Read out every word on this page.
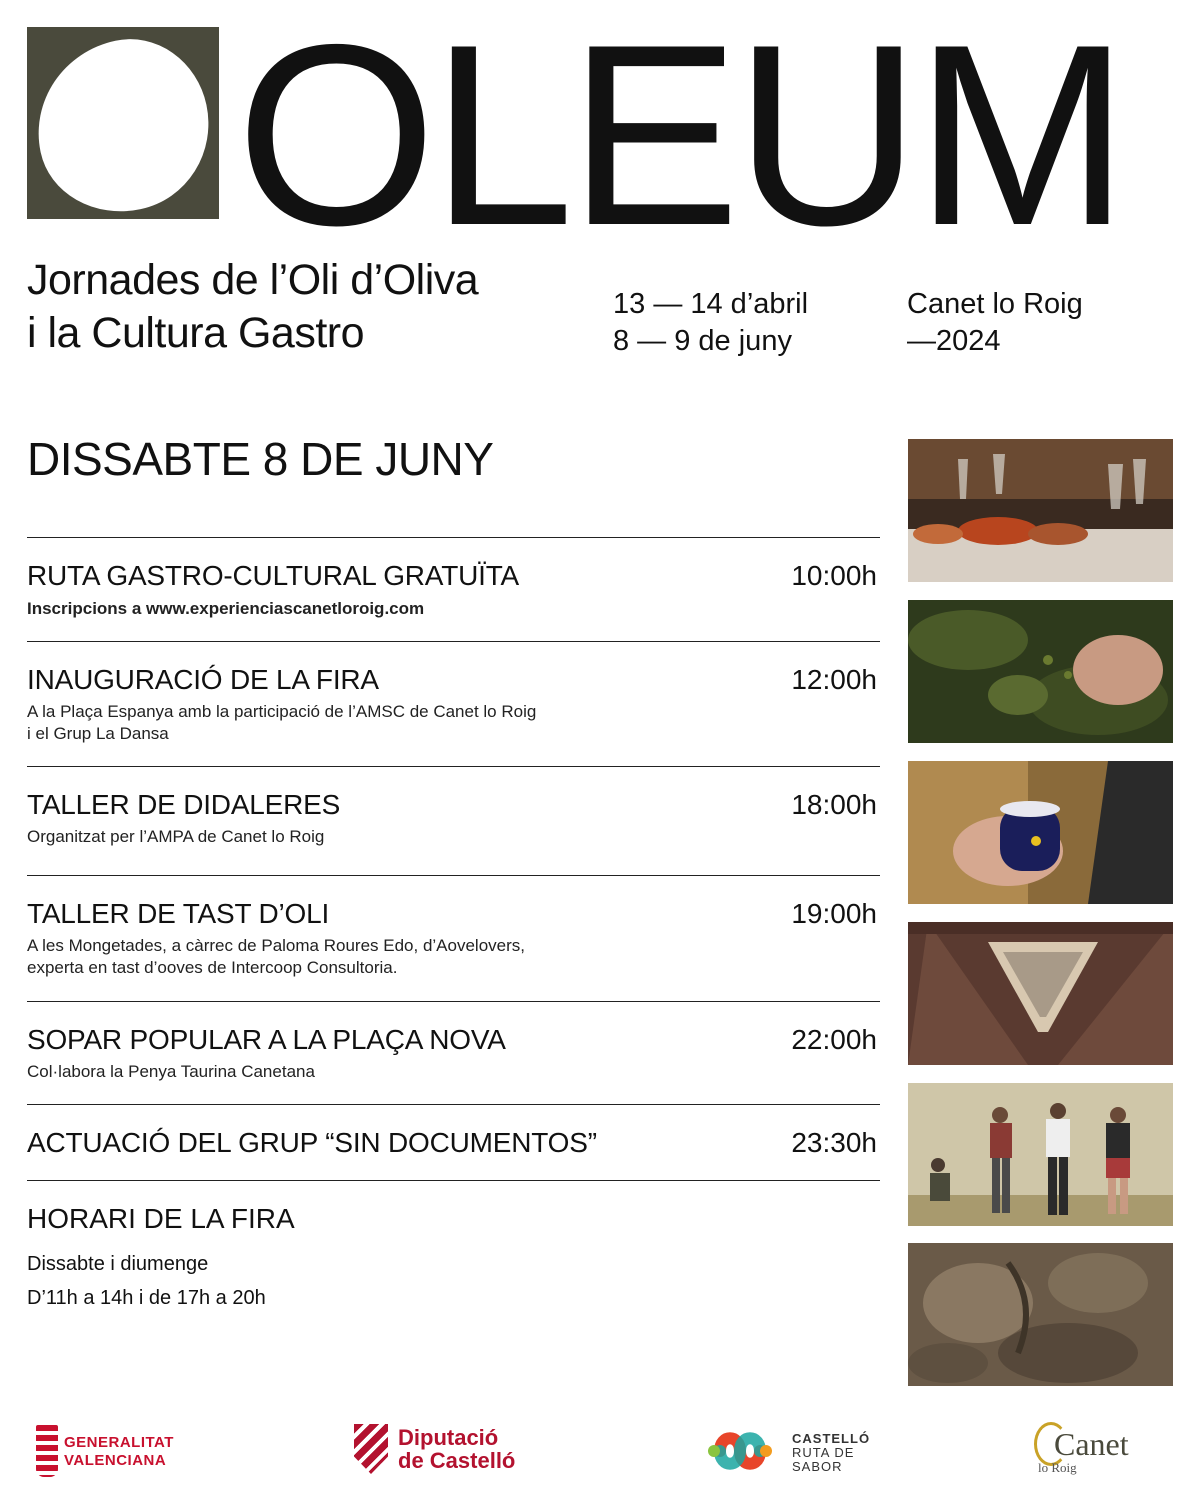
OLEUM
Jornades de l’Oli d’Oliva
i la Cultura Gastro
13 — 14 d’abril
8 — 9 de juny
Canet lo Roig
—2024
DISSABTE 8 DE JUNY
RUTA GASTRO-CULTURAL GRATUÏTA	10:00h
Inscripcions a www.experienciascanetloroig.com
INAUGURACIÓ DE LA FIRA	12:00h
A la Plaça Espanya amb la participació de l’AMSC de Canet lo Roig
i el Grup La Dansa
TALLER DE DIDALERES	18:00h
Organitzat per l’AMPA de Canet lo Roig
TALLER DE TAST D’OLI	19:00h
A les Mongetades, a càrrec de Paloma Roures Edo, d’Aovelovers,
experta en tast d’ooves de Intercoop Consultoria.
SOPAR POPULAR A LA PLAÇA NOVA	22:00h
Col·labora la Penya Taurina Canetana
ACTUACIÓ DEL GRUP “SIN DOCUMENTOS”	23:30h
HORARI DE LA FIRA
Dissabte i diumenge
D’11h a 14h i de 17h a 20h
GENERALITAT
VALENCIANA
Diputació
de Castelló
CASTELLÓ
RUTA DE
SABOR
Canet
lo Roig
